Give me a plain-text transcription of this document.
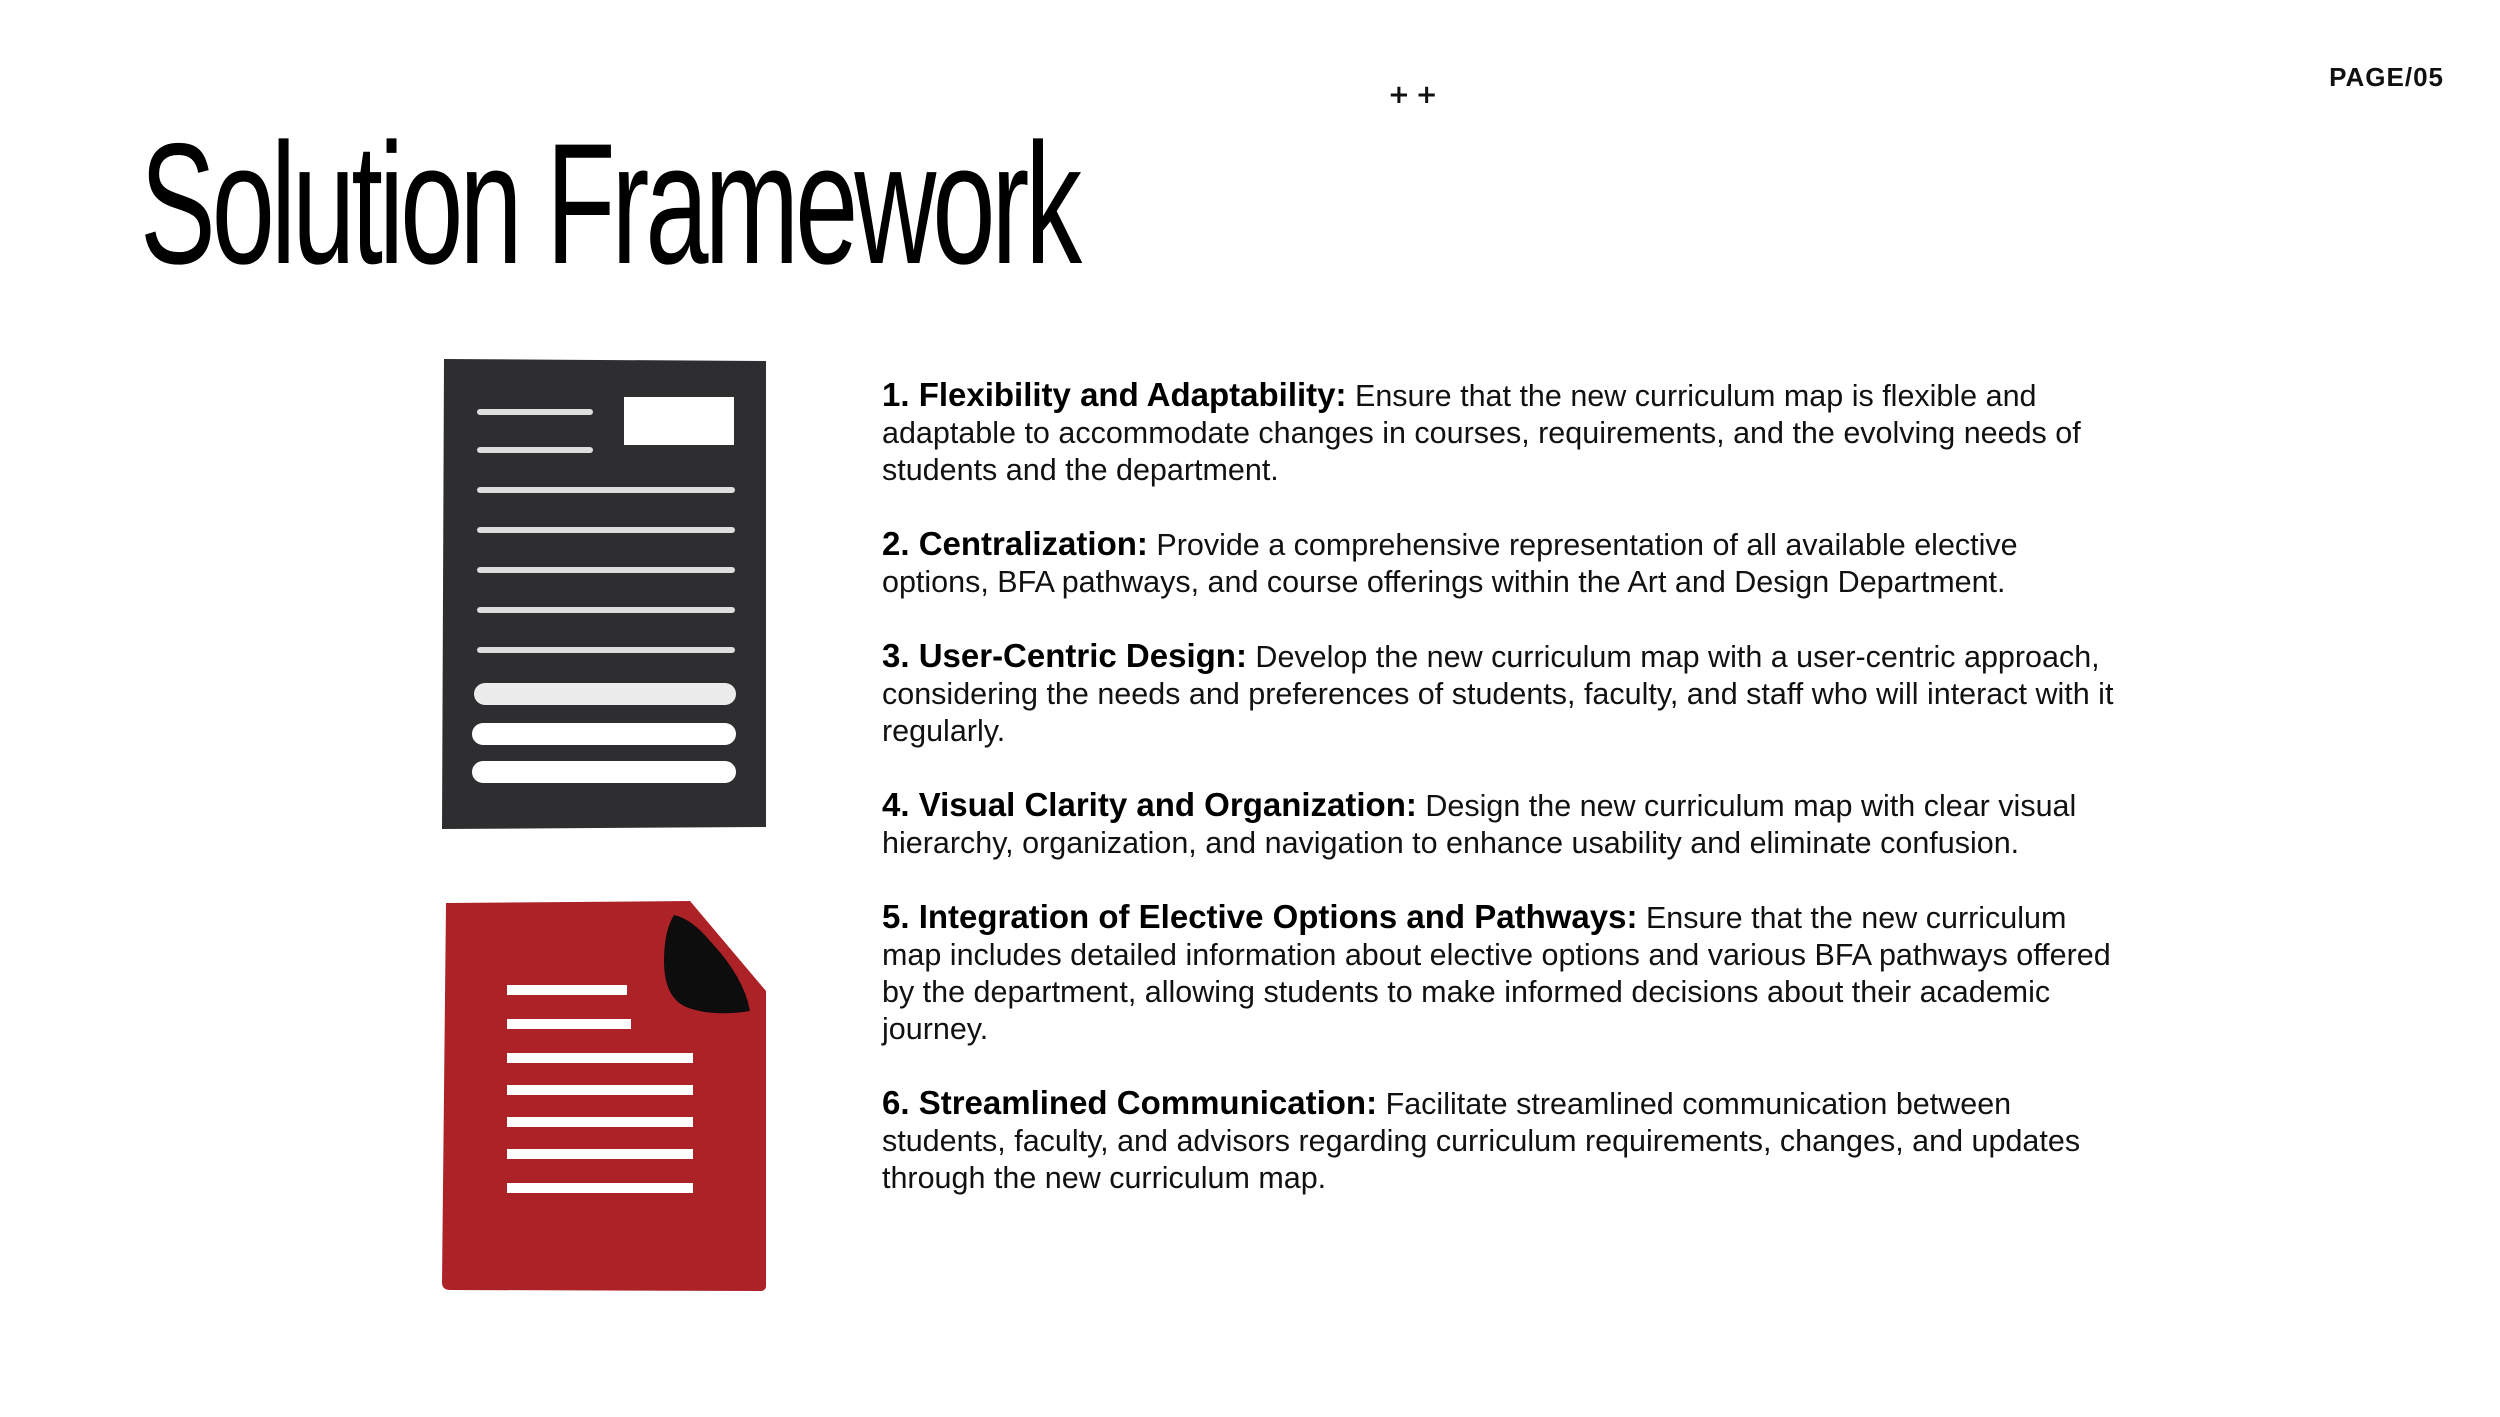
PAGE/05
++
Solution Framework

1. Flexibility and Adaptability: Ensure that the new curriculum map is flexible and adaptable to accommodate changes in courses, requirements, and the evolving needs of students and the department.

2. Centralization: Provide a comprehensive representation of all available elective options, BFA pathways, and course offerings within the Art and Design Department.

3. User-Centric Design: Develop the new curriculum map with a user-centric approach, considering the needs and preferences of students, faculty, and staff who will interact with it regularly.

4. Visual Clarity and Organization: Design the new curriculum map with clear visual hierarchy, organization, and navigation to enhance usability and eliminate confusion.

5. Integration of Elective Options and Pathways: Ensure that the new curriculum map includes detailed information about elective options and various BFA pathways offered by the department, allowing students to make informed decisions about their academic journey.

6. Streamlined Communication: Facilitate streamlined communication between students, faculty, and advisors regarding curriculum requirements, changes, and updates through the new curriculum map.
